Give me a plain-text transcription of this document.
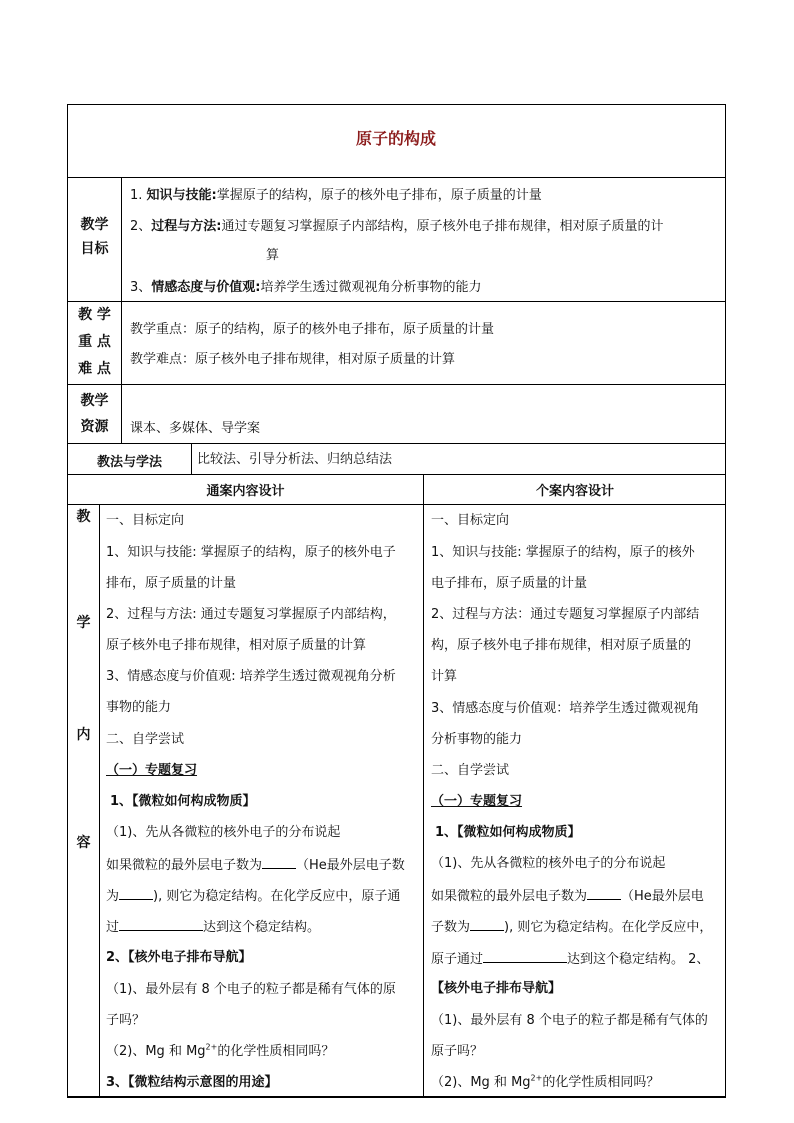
原子的构成
教学
目标
1. 知识与技能:掌握原子的结构，原子的核外电子排布，原子质量的计量
2、过程与方法:通过专题复习掌握原子内部结构，原子核外电子排布规律，相对原子质量的计
算
3、情感态度与价值观:培养学生透过微观视角分析事物的能力
教 学
重 点
难 点
教学重点：原子的结构，原子的核外电子排布，原子质量的计量
教学难点：原子核外电子排布规律，相对原子质量的计算
教学
资源	课本、多媒体、导学案
教法与学法	比较法、引导分析法、归纳总结法
通案内容设计	个案内容设计
教
学
内
容
一、目标定向
1、知识与技能: 掌握原子的结构，原子的核外电子
排布，原子质量的计量
2、过程与方法: 通过专题复习掌握原子内部结构，
原子核外电子排布规律，相对原子质量的计算
3、情感态度与价值观: 培养学生透过微观视角分析
事物的能力
二、自学尝试
（一）专题复习
1、【微粒如何构成物质】
（1)、先从各微粒的核外电子的分布说起
如果微粒的最外层电子数为	（He最外层电子数
为	), 则它为稳定结构。在化学反应中，原子通
过	达到这个稳定结构。
2、【核外电子排布导航】
（1)、最外层有 8 个电子的粒子都是稀有气体的原
子吗？
（2)、Mg 和 $Mg^{2+}$的化学性质相同吗？
3、【微粒结构示意图的用途】
一、目标定向
1、知识与技能: 掌握原子的结构，原子的核外
电子排布，原子质量的计量
2、过程与方法：通过专题复习掌握原子内部结
构，原子核外电子排布规律，相对原子质量的
计算
3、情感态度与价值观：培养学生透过微观视角
分析事物的能力
二、自学尝试
（一）专题复习
1、【微粒如何构成物质】
（1)、先从各微粒的核外电子的分布说起
如果微粒的最外层电子数为	（He最外层电
子数为	), 则它为稳定结构。在化学反应中，
原子通过	达到这个稳定结构。 2、
【核外电子排布导航】
（1)、最外层有 8 个电子的粒子都是稀有气体的
原子吗？
（2)、Mg 和 $Mg^{2+}$的化学性质相同吗？
